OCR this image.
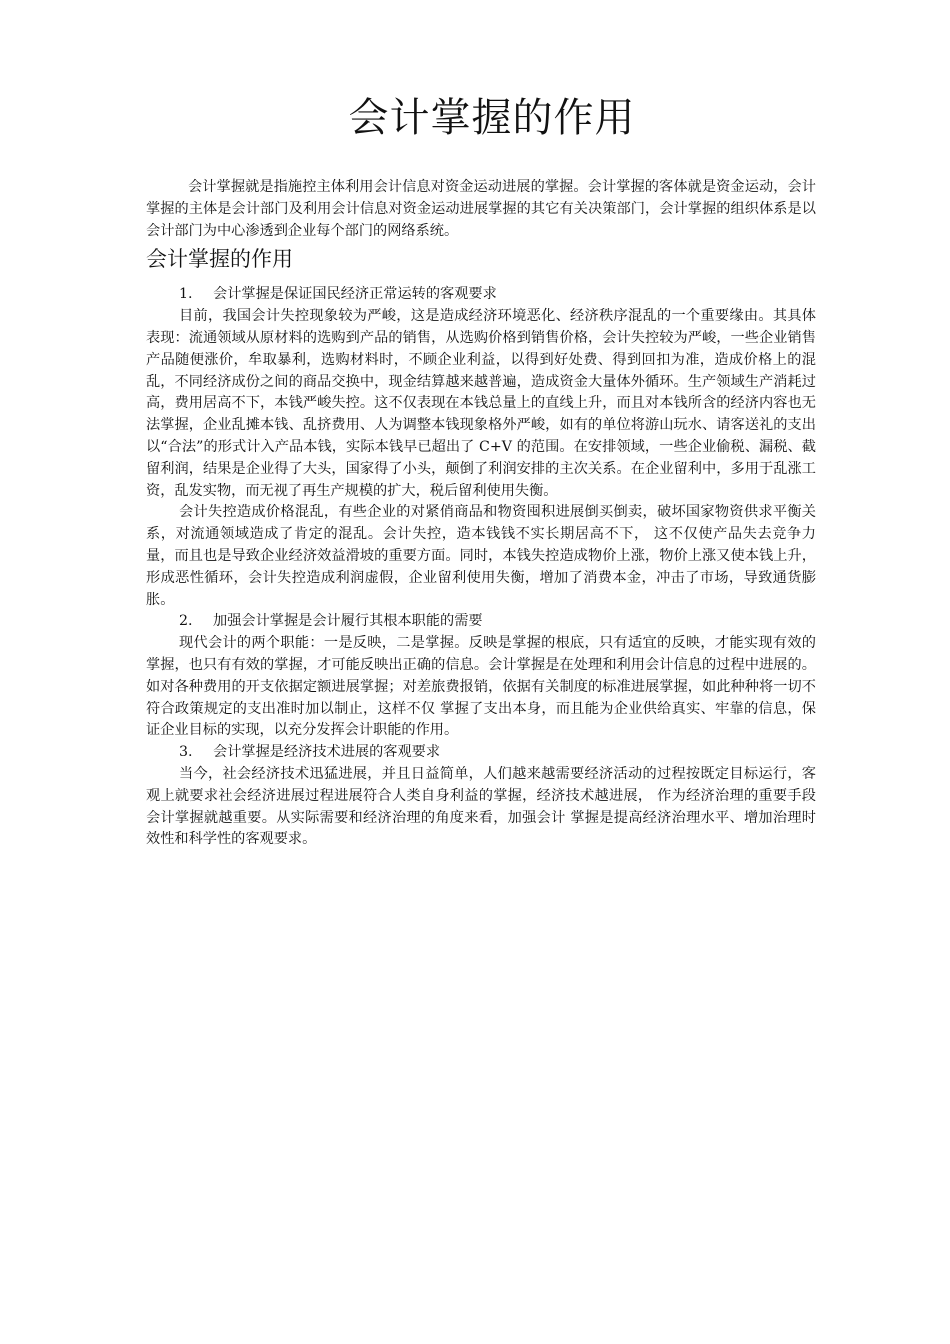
会计掌握的作用

会计掌握就是指施控主体利用会计信息对资金运动进展的掌握。会计掌握的客体就是资金运动，会计掌握的主体是会计部门及利用会计信息对资金运动进展掌握的其它有关决策部门，会计掌握的组织体系是以会计部门为中心渗透到企业每个部门的网络系统。

会计掌握的作用

1. 会计掌握是保证国民经济正常运转的客观要求

目前，我国会计失控现象较为严峻，这是造成经济环境恶化、经济秩序混乱的一个重要缘由。其具体表现：流通领域从原材料的选购到产品的销售，从选购价格到销售价格，会计失控较为严峻，一些企业销售产品随便涨价，牟取暴利，选购材料时，不顾企业利益，以得到好处费、得到回扣为准，造成价格上的混乱，不同经济成份之间的商品交换中，现金结算越来越普遍，造成资金大量体外循环。生产领域生产消耗过高，费用居高不下，本钱严峻失控。这不仅表现在本钱总量上的直线上升，而且对本钱所含的经济内容也无法掌握，企业乱摊本钱、乱挤费用、人为调整本钱现象格外严峻，如有的单位将游山玩水、请客送礼的支出以“合法”的形式计入产品本钱，实际本钱早已超出了 C+V 的范围。在安排领域，一些企业偷税、漏税、截留利润，结果是企业得了大头，国家得了小头，颠倒了利润安排的主次关系。在企业留利中，多用于乱涨工资，乱发实物，而无视了再生产规模的扩大，税后留利使用失衡。

会计失控造成价格混乱，有些企业的对紧俏商品和物资囤积进展倒买倒卖，破坏国家物资供求平衡关系，对流通领域造成了肯定的混乱。会计失控，造本钱钱不实长期居高不下， 这不仅使产品失去竞争力量，而且也是导致企业经济效益滑坡的重要方面。同时，本钱失控造成物价上涨，物价上涨又使本钱上升，形成恶性循环，会计失控造成利润虚假，企业留利使用失衡，增加了消费本金，冲击了市场，导致通货膨胀。

2. 加强会计掌握是会计履行其根本职能的需要

现代会计的两个职能：一是反映，二是掌握。反映是掌握的根底，只有适宜的反映，才能实现有效的掌握，也只有有效的掌握，才可能反映出正确的信息。会计掌握是在处理和利用会计信息的过程中进展的。如对各种费用的开支依据定额进展掌握；对差旅费报销，依据有关制度的标准进展掌握，如此种种将一切不符合政策规定的支出准时加以制止，这样不仅 掌握了支出本身，而且能为企业供给真实、牢靠的信息，保证企业目标的实现，以充分发挥会计职能的作用。

3. 会计掌握是经济技术进展的客观要求

当今，社会经济技术迅猛进展，并且日益简单，人们越来越需要经济活动的过程按既定目标运行，客观上就要求社会经济进展过程进展符合人类自身利益的掌握，经济技术越进展， 作为经济治理的重要手段会计掌握就越重要。从实际需要和经济治理的角度来看，加强会计 掌握是提高经济治理水平、增加治理时效性和科学性的客观要求。
